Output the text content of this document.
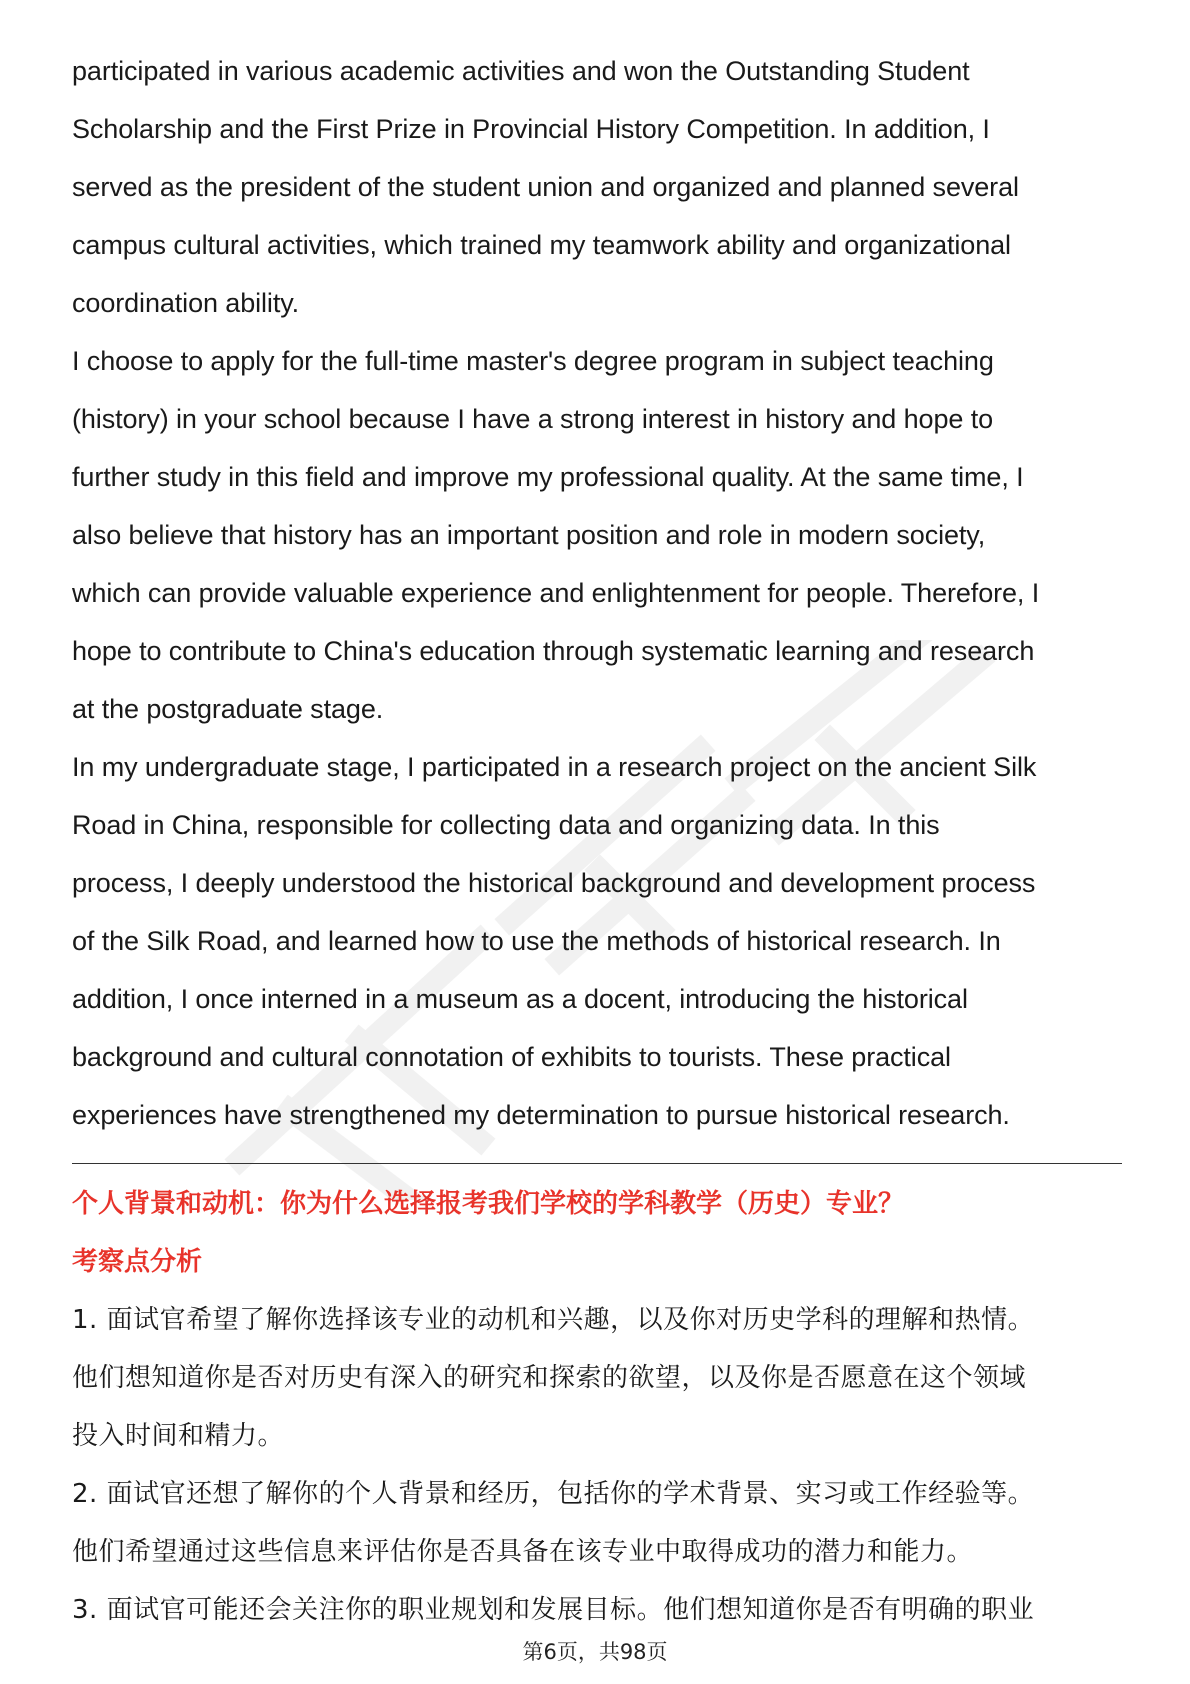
participated in various academic activities and won the Outstanding Student
Scholarship and the First Prize in Provincial History Competition. In addition, I
served as the president of the student union and organized and planned several
campus cultural activities, which trained my teamwork ability and organizational
coordination ability.
I choose to apply for the full-time master's degree program in subject teaching
(history) in your school because I have a strong interest in history and hope to
further study in this field and improve my professional quality. At the same time, I
also believe that history has an important position and role in modern society,
which can provide valuable experience and enlightenment for people. Therefore, I
hope to contribute to China's education through systematic learning and research
at the postgraduate stage.
In my undergraduate stage, I participated in a research project on the ancient Silk
Road in China, responsible for collecting data and organizing data. In this
process, I deeply understood the historical background and development process
of the Silk Road, and learned how to use the methods of historical research. In
addition, I once interned in a museum as a docent, introducing the historical
background and cultural connotation of exhibits to tourists. These practical
experiences have strengthened my determination to pursue historical research.
个人背景和动机：你为什么选择报考我们学校的学科教学（历史）专业？
考察点分析
1. 面试官希望了解你选择该专业的动机和兴趣，以及你对历史学科的理解和热情。
他们想知道你是否对历史有深入的研究和探索的欲望，以及你是否愿意在这个领域
投入时间和精力。
2. 面试官还想了解你的个人背景和经历，包括你的学术背景、实习或工作经验等。
他们希望通过这些信息来评估你是否具备在该专业中取得成功的潜力和能力。
3. 面试官可能还会关注你的职业规划和发展目标。他们想知道你是否有明确的职业
第6页，共98页
